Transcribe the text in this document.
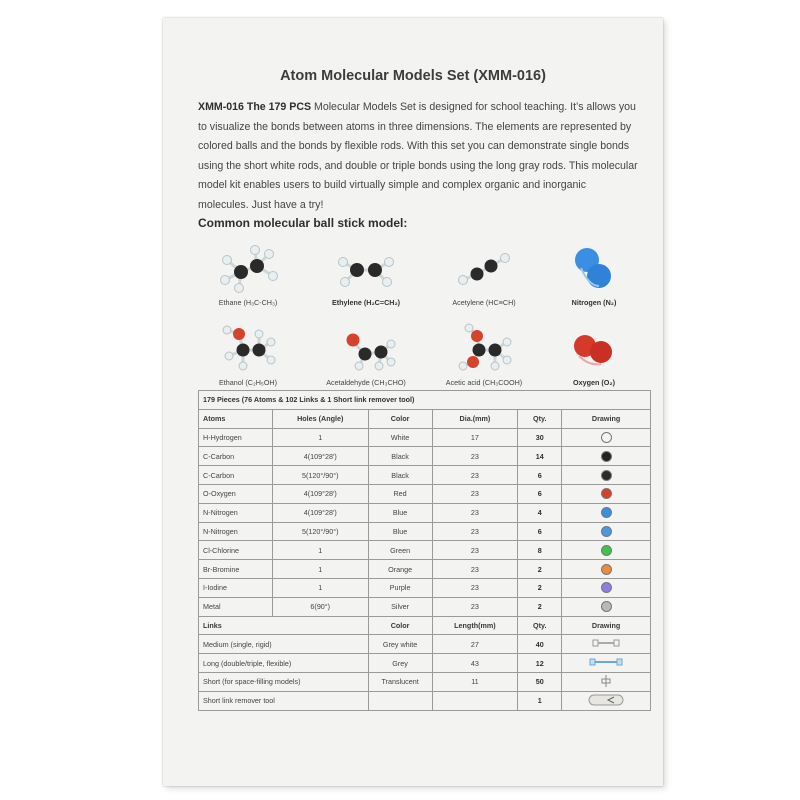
Atom Molecular Models Set (XMM-016)
XMM-016 The 179 PCS Molecular Models Set is designed for school teaching. It’s allows you to visualize the bonds between atoms in three dimensions. The elements are represented by colored balls and the bonds by flexible rods. With this set you can demonstrate single bonds using the short white rods, and double or triple bonds using the long gray rods. This molecular model kit enables users to build virtually simple and complex organic and inorganic molecules. Just have a try!
Common molecular ball stick model:
Ethane (H₃C-CH₃)	Ethylene (H₂C=CH₂)	Acetylene (HC≡CH)	Nitrogen (N₂)
Ethanol (C₂H₅OH)	Acetaldehyde (CH₃CHO)	Acetic acid (CH₃COOH)	Oxygen (O₂)
179 Pieces (76 Atoms & 102 Links & 1 Short link remover tool)					
Atoms	Holes (Angle)	Color	Dia.(mm)	Qty.	Drawing
H-Hydrogen	1	White	17	30	
C-Carbon	4(109°28′)	Black	23	14	
C-Carbon	5(120°/90°)	Black	23	6	
O-Oxygen	4(109°28′)	Red	23	6	
N-Nitrogen	4(109°28′)	Blue	23	4	
N-Nitrogen	5(120°/90°)	Blue	23	6	
Cl-Chlorine	1	Green	23	8	
Br-Bromine	1	Orange	23	2	
I-Iodine	1	Purple	23	2	
Metal	6(90°)	Silver	23	2	
Links		Color	Length(mm)	Qty.	Drawing
Medium (single, rigid)		Grey white	27	40	
Long (double/triple, flexible)		Grey	43	12	
Short (for space-filling models)		Translucent	11	50	
Short link remover tool				1	
